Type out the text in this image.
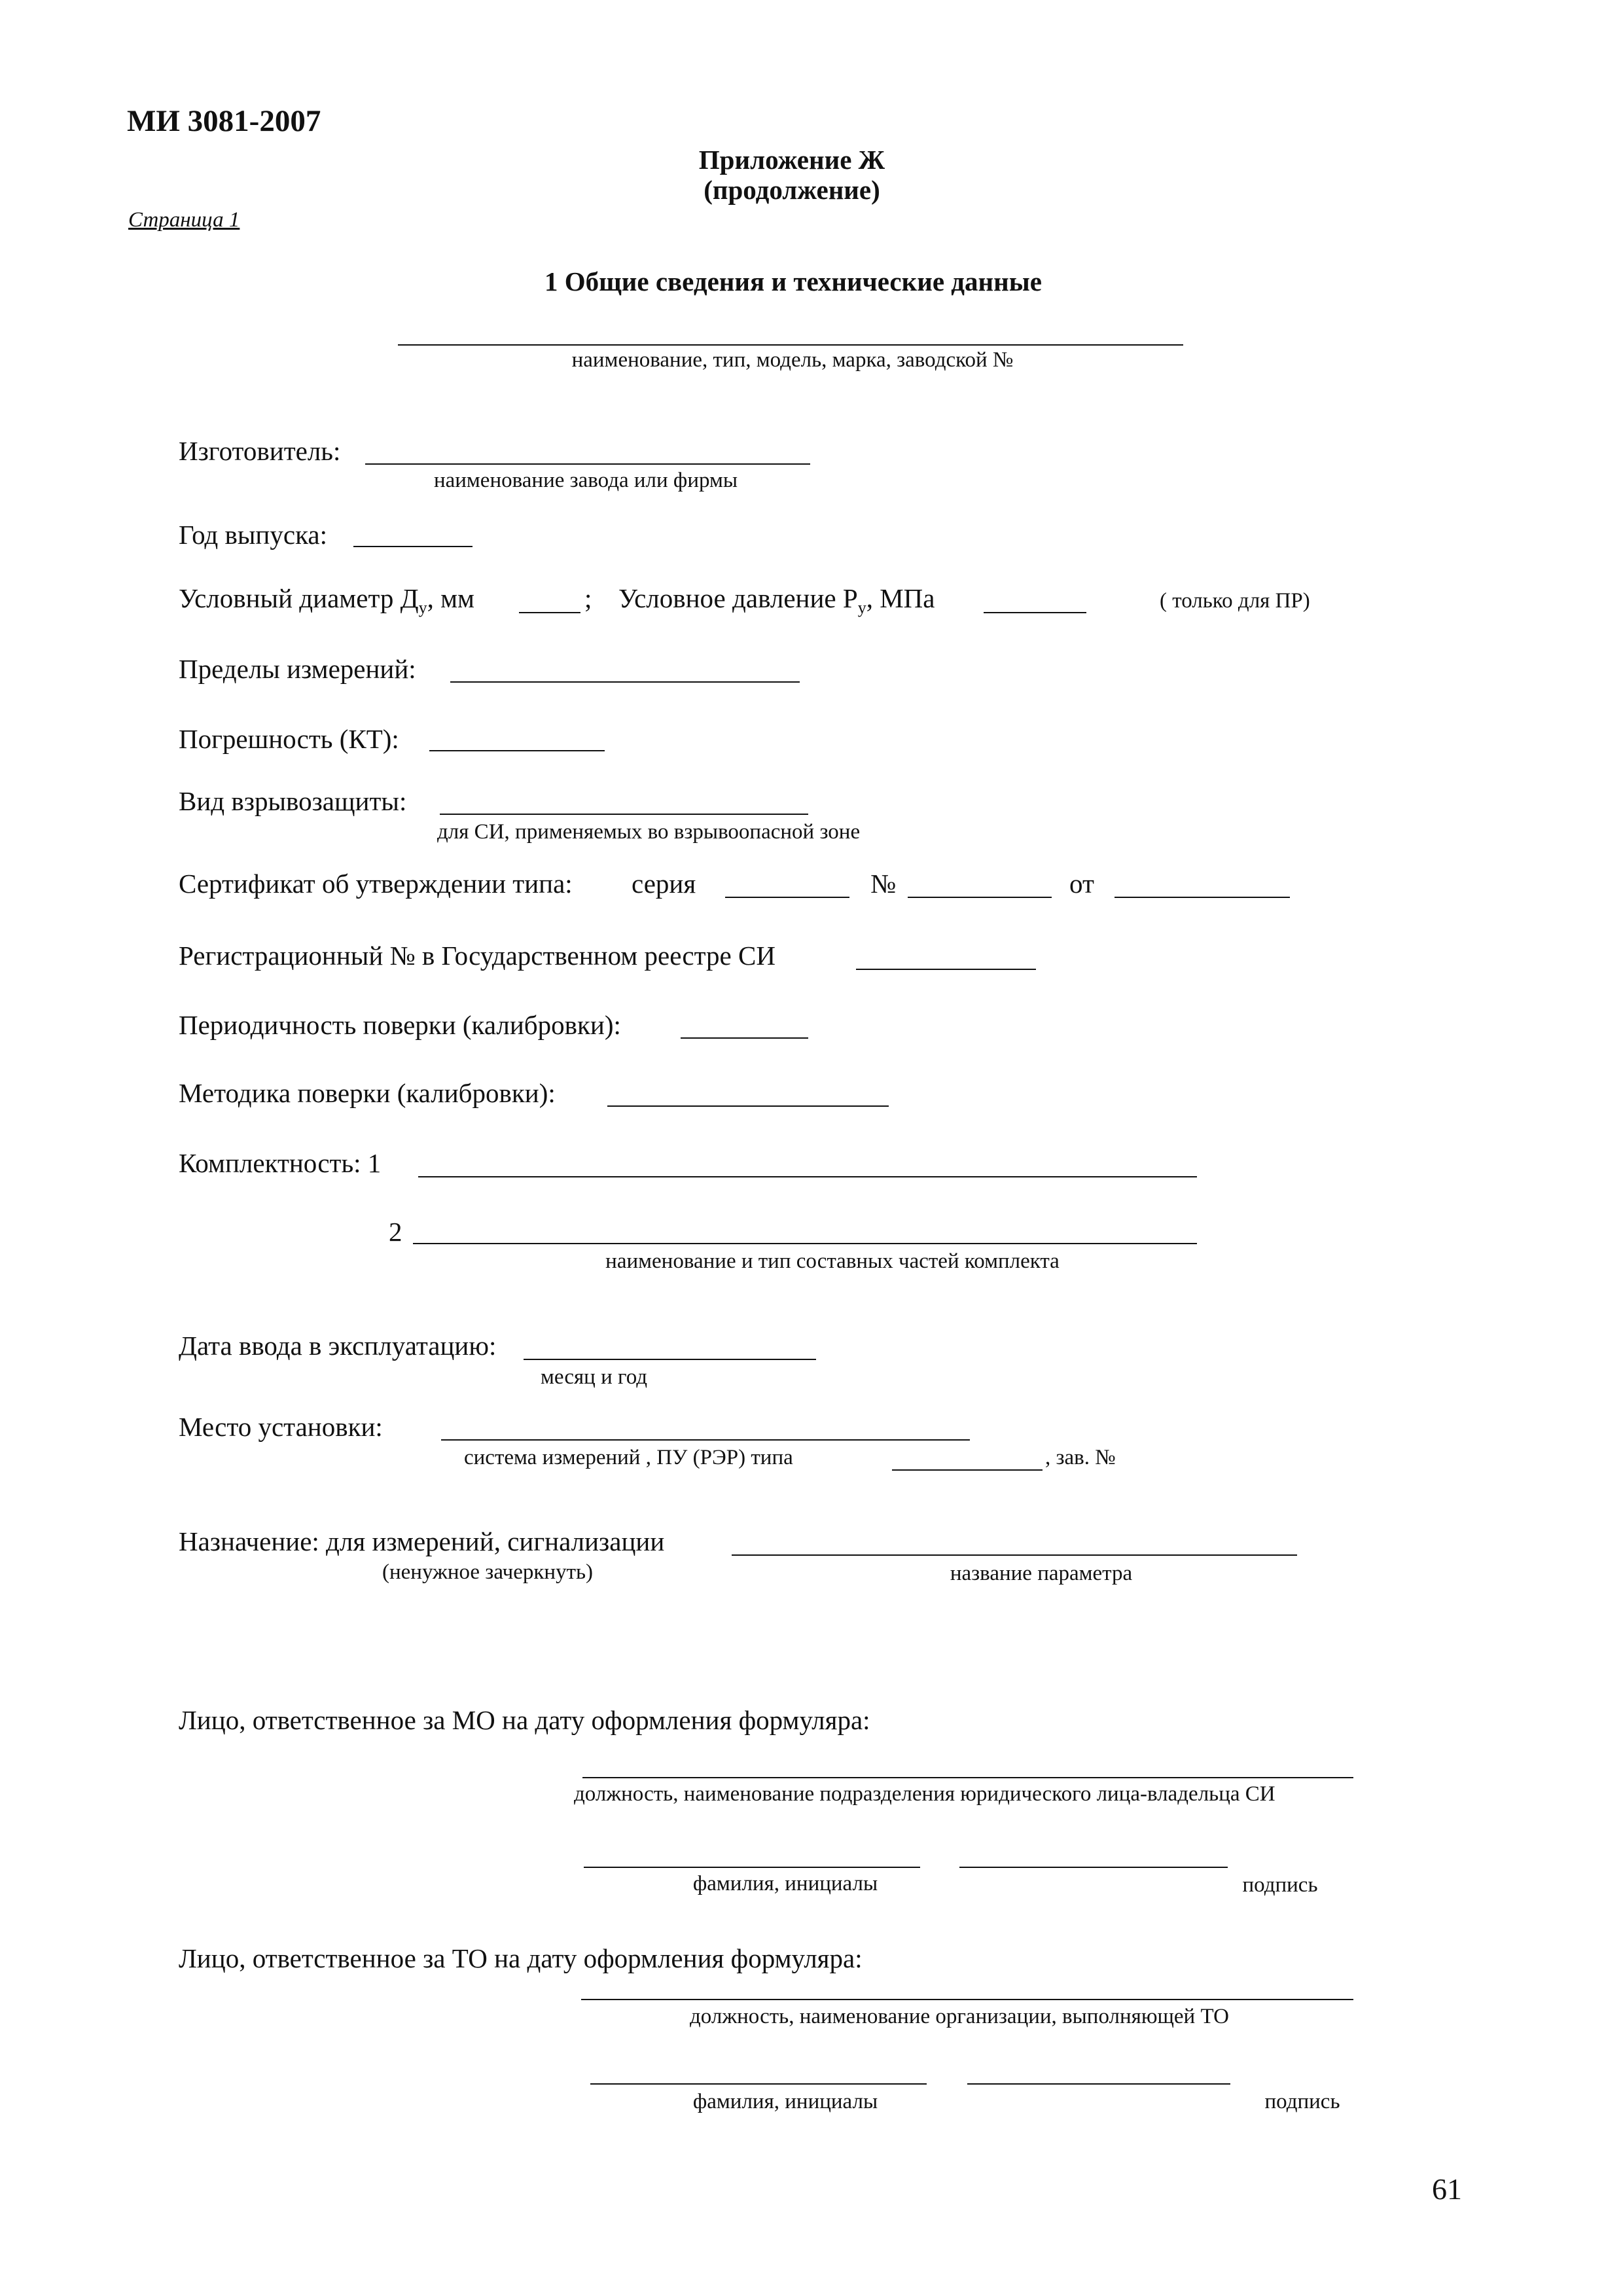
МИ 3081-2007
Приложение Ж
(продолжение)
Страница 1
1 Общие сведения и технические данные
наименование, тип, модель, марка, заводской №
Изготовитель:
наименование завода или фирмы
Год выпуска:
Условный диаметр $Д_у$, мм	; Условное давление $Р_у$, МПа	( только для ПР)
Пределы измерений:
Погрешность (КТ):
Вид взрывозащиты:
для СИ, применяемых во взрывоопасной зоне
Сертификат об утверждении типа: серия	№	от
Регистрационный № в Государственном реестре СИ
Периодичность поверки (калибровки):
Методика поверки (калибровки):
Комплектность: 1
2
наименование и тип составных частей комплекта
Дата ввода в эксплуатацию:
месяц и год
Место установки:
система измерений , ПУ (РЭР) типа	, зав. №
Назначение: для измерений, сигнализации
(ненужное зачеркнуть)	название параметра
Лицо, ответственное за МО на дату оформления формуляра:
должность, наименование подразделения юридического лица-владельца СИ
фамилия, инициалы	подпись
Лицо, ответственное за ТО на дату оформления формуляра:
должность, наименование организации, выполняющей ТО
фамилия, инициалы	подпись
61
